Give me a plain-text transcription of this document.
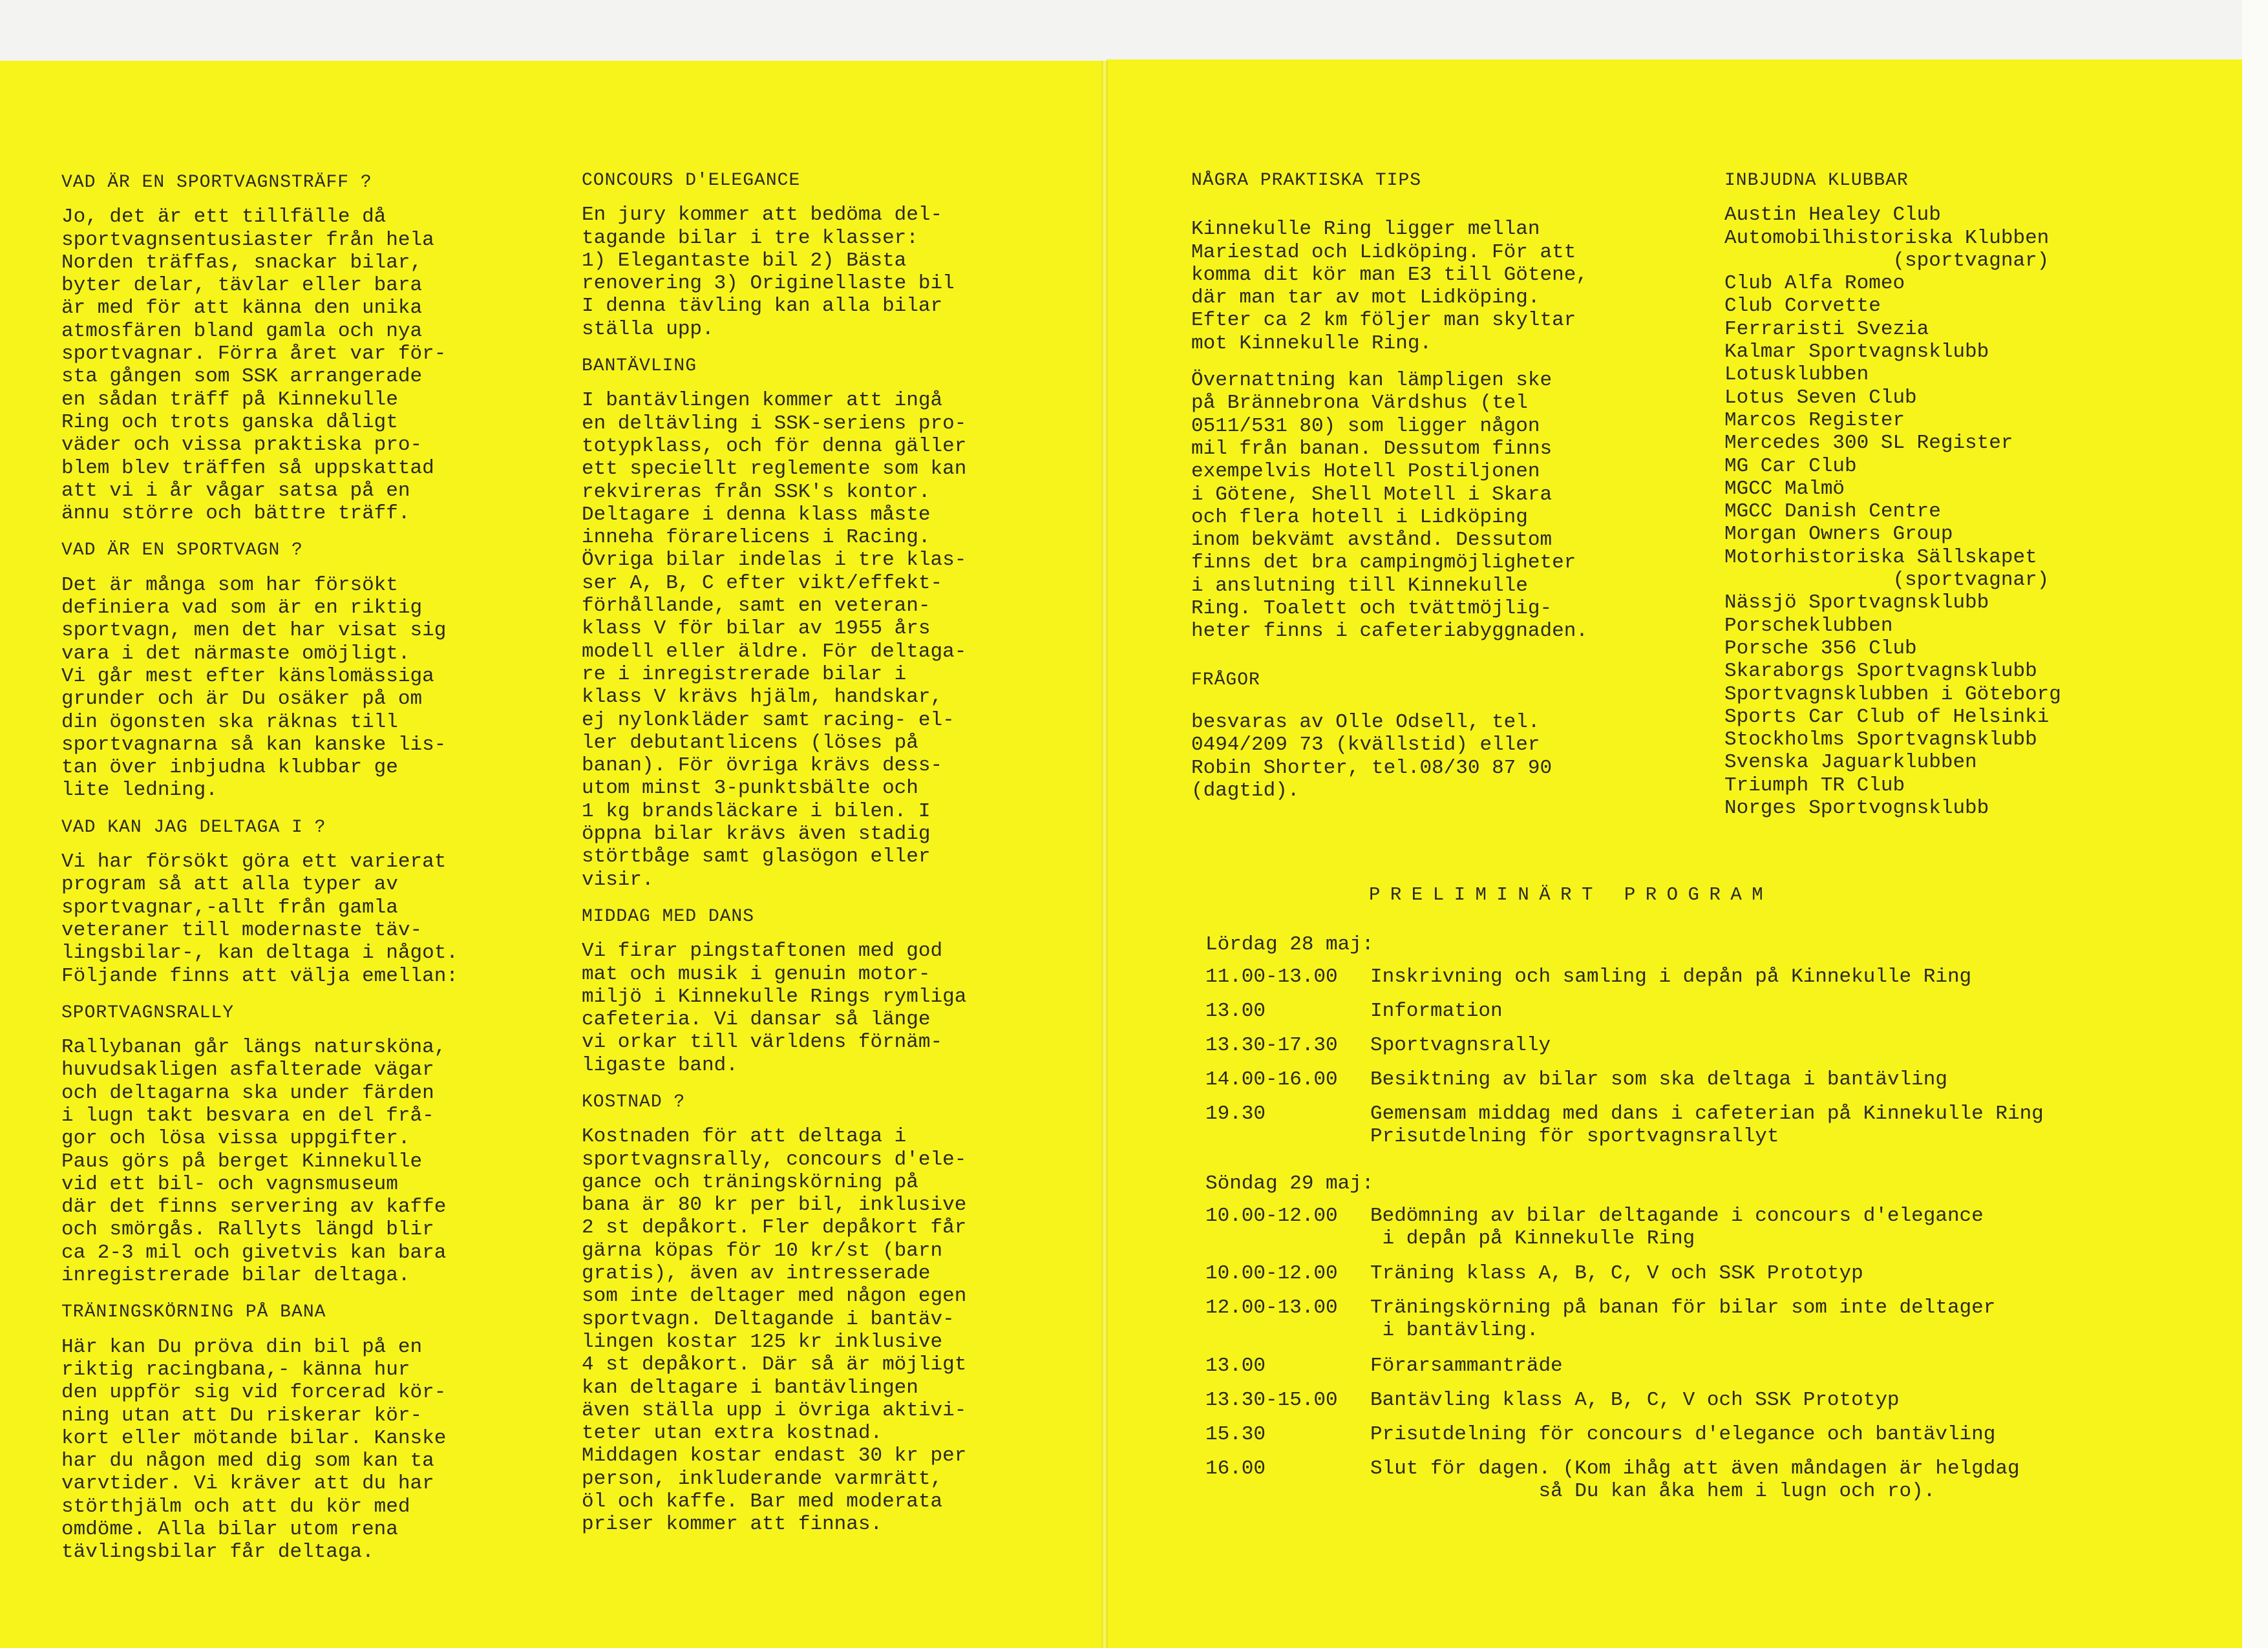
VAD ÄR EN SPORTVAGNSTRÄFF ?
Jo, det är ett tillfälle då
sportvagnsentusiaster från hela
Norden träffas, snackar bilar,
byter delar, tävlar eller bara
är med för att känna den unika
atmosfären bland gamla och nya
sportvagnar. Förra året var för-
sta gången som SSK arrangerade
en sådan träff på Kinnekulle
Ring och trots ganska dåligt
väder och vissa praktiska pro-
blem blev träffen så uppskattad
att vi i år vågar satsa på en
ännu större och bättre träff.
VAD ÄR EN SPORTVAGN ?
Det är många som har försökt
definiera vad som är en riktig
sportvagn, men det har visat sig
vara i det närmaste omöjligt.
Vi går mest efter känslomässiga
grunder och är Du osäker på om
din ögonsten ska räknas till
sportvagnarna så kan kanske lis-
tan över inbjudna klubbar ge
lite ledning.
VAD KAN JAG DELTAGA I ?
Vi har försökt göra ett varierat
program så att alla typer av
sportvagnar,-allt från gamla
veteraner till modernaste täv-
lingsbilar-, kan deltaga i något.
Följande finns att välja emellan:
SPORTVAGNSRALLY
Rallybanan går längs natursköna,
huvudsakligen asfalterade vägar
och deltagarna ska under färden
i lugn takt besvara en del frå-
gor och lösa vissa uppgifter.
Paus görs på berget Kinnekulle
vid ett bil- och vagnsmuseum
där det finns servering av kaffe
och smörgås. Rallyts längd blir
ca 2-3 mil och givetvis kan bara
inregistrerade bilar deltaga.
TRÄNINGSKÖRNING PÅ BANA
Här kan Du pröva din bil på en
riktig racingbana,- känna hur
den uppför sig vid forcerad kör-
ning utan att Du riskerar kör-
kort eller mötande bilar. Kanske
har du någon med dig som kan ta
varvtider. Vi kräver att du har
störthjälm och att du kör med
omdöme. Alla bilar utom rena
tävlingsbilar får deltaga.
CONCOURS D'ELEGANCE
En jury kommer att bedöma del-
tagande bilar i tre klasser:
1) Elegantaste bil 2) Bästa
renovering 3) Originellaste bil
I denna tävling kan alla bilar
ställa upp.
BANTÄVLING
I bantävlingen kommer att ingå
en deltävling i SSK-seriens pro-
totypklass, och för denna gäller
ett speciellt reglemente som kan
rekvireras från SSK's kontor.
Deltagare i denna klass måste
inneha förarelicens i Racing.
Övriga bilar indelas i tre klas-
ser A, B, C efter vikt/effekt-
förhållande, samt en veteran-
klass V för bilar av 1955 års
modell eller äldre. För deltaga-
re i inregistrerade bilar i
klass V krävs hjälm, handskar,
ej nylonkläder samt racing- el-
ler debutantlicens (löses på
banan). För övriga krävs dess-
utom minst 3-punktsbälte och
1 kg brandsläckare i bilen. I
öppna bilar krävs även stadig
störtbåge samt glasögon eller
visir.
MIDDAG MED DANS
Vi firar pingstaftonen med god
mat och musik i genuin motor-
miljö i Kinnekulle Rings rymliga
cafeteria. Vi dansar så länge
vi orkar till världens förnäm-
ligaste band.
KOSTNAD ?
Kostnaden för att deltaga i
sportvagnsrally, concours d'ele-
gance och träningskörning på
bana är 80 kr per bil, inklusive
2 st depåkort. Fler depåkort får
gärna köpas för 10 kr/st (barn
gratis), även av intresserade
som inte deltager med någon egen
sportvagn. Deltagande i bantäv-
lingen kostar 125 kr inklusive
4 st depåkort. Där så är möjligt
kan deltagare i bantävlingen
även ställa upp i övriga aktivi-
teter utan extra kostnad.
Middagen kostar endast 30 kr per
person, inkluderande varmrätt,
öl och kaffe. Bar med moderata
priser kommer att finnas.
NÅGRA PRAKTISKA TIPS
Kinnekulle Ring ligger mellan
Mariestad och Lidköping. För att
komma dit kör man E3 till Götene,
där man tar av mot Lidköping.
Efter ca 2 km följer man skyltar
mot Kinnekulle Ring.
Övernattning kan lämpligen ske
på Brännebrona Värdshus (tel
0511/531 80) som ligger någon
mil från banan. Dessutom finns
exempelvis Hotell Postiljonen
i Götene, Shell Motell i Skara
och flera hotell i Lidköping
inom bekvämt avstånd. Dessutom
finns det bra campingmöjligheter
i anslutning till Kinnekulle
Ring. Toalett och tvättmöjlig-
heter finns i cafeteriabyggnaden.
FRÅGOR
besvaras av Olle Odsell, tel.
0494/209 73 (kvällstid) eller
Robin Shorter, tel.08/30 87 90
(dagtid).
INBJUDNA KLUBBAR
Austin Healey Club
Automobilhistoriska Klubben
(sportvagnar)
Club Alfa Romeo
Club Corvette
Ferraristi Svezia
Kalmar Sportvagnsklubb
Lotusklubben
Lotus Seven Club
Marcos Register
Mercedes 300 SL Register
MG Car Club
MGCC Malmö
MGCC Danish Centre
Morgan Owners Group
Motorhistoriska Sällskapet
(sportvagnar)
Nässjö Sportvagnsklubb
Porscheklubben
Porsche 356 Club
Skaraborgs Sportvagnsklubb
Sportvagnsklubben i Göteborg
Sports Car Club of Helsinki
Stockholms Sportvagnsklubb
Svenska Jaguarklubben
Triumph TR Club
Norges Sportvognsklubb
PRELIMINÄRT PROGRAM
Lördag 28 maj:
11.00-13.00 Inskrivning och samling i depån på Kinnekulle Ring
13.00	Information
13.30-17.30 Sportvagnsrally
14.00-16.00 Besiktning av bilar som ska deltaga i bantävling
19.30	Gemensam middag med dans i cafeterian på Kinnekulle Ring
Prisutdelning för sportvagnsrallyt
Söndag 29 maj:
10.00-12.00 Bedömning av bilar deltagande i concours d'elegance
i depån på Kinnekulle Ring
10.00-12.00 Träning klass A, B, C, V och SSK Prototyp
12.00-13.00 Träningskörning på banan för bilar som inte deltager
i bantävling.
13.00	Förarsammanträde
13.30-15.00 Bantävling klass A, B, C, V och SSK Prototyp
15.30	Prisutdelning för concours d'elegance och bantävling
16.00	Slut för dagen. (Kom ihåg att även måndagen är helgdag
så Du kan åka hem i lugn och ro).
